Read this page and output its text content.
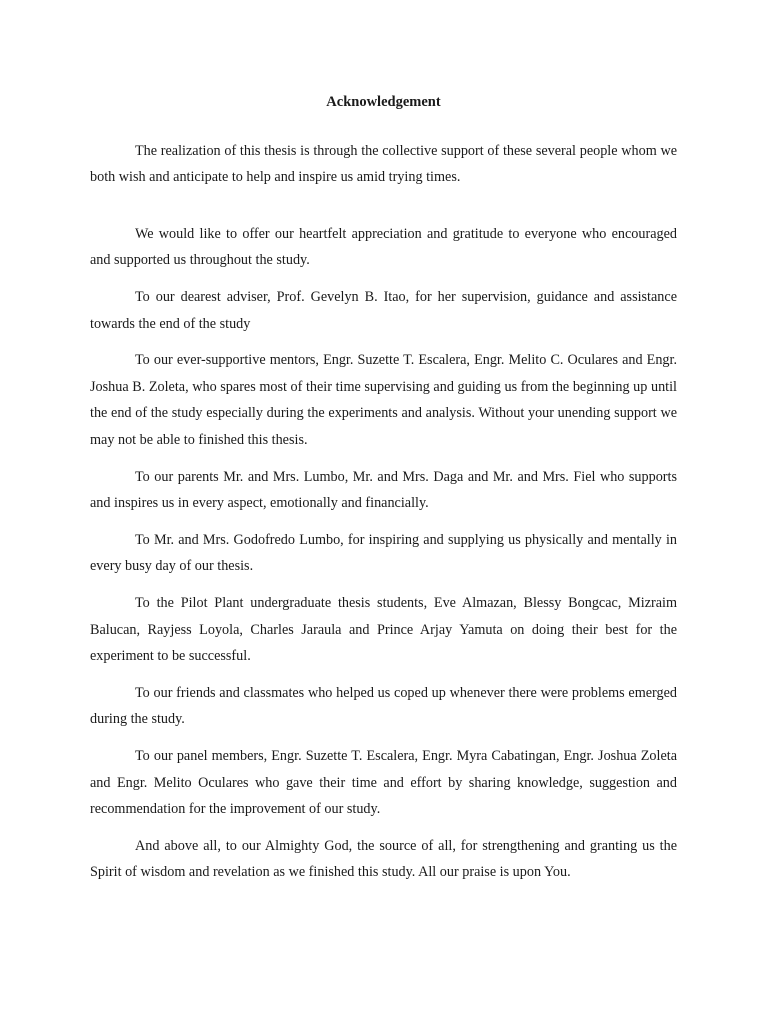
Acknowledgement

The realization of this thesis is through the collective support of these several people whom we both wish and anticipate to help and inspire us amid trying times.

We would like to offer our heartfelt appreciation and gratitude to everyone who encouraged and supported us throughout the study.

To our dearest adviser, Prof. Gevelyn B. Itao, for her supervision, guidance and assistance towards the end of the study

To our ever-supportive mentors, Engr. Suzette T. Escalera, Engr. Melito C. Oculares and Engr. Joshua B. Zoleta, who spares most of their time supervising and guiding us from the beginning up until the end of the study especially during the experiments and analysis. Without your unending support we may not be able to finished this thesis.

To our parents Mr. and Mrs. Lumbo, Mr. and Mrs. Daga and Mr. and Mrs. Fiel who supports and inspires us in every aspect, emotionally and financially.

To Mr. and Mrs. Godofredo Lumbo, for inspiring and supplying us physically and mentally in every busy day of our thesis.

To the Pilot Plant undergraduate thesis students, Eve Almazan, Blessy Bongcac, Mizraim Balucan, Rayjess Loyola, Charles Jaraula and Prince Arjay Yamuta on doing their best for the experiment to be successful.

To our friends and classmates who helped us coped up whenever there were problems emerged during the study.

To our panel members, Engr. Suzette T. Escalera, Engr. Myra Cabatingan, Engr. Joshua Zoleta and Engr. Melito Oculares who gave their time and effort by sharing knowledge, suggestion and recommendation for the improvement of our study.

And above all, to our Almighty God, the source of all, for strengthening and granting us the Spirit of wisdom and revelation as we finished this study. All our praise is upon You.
